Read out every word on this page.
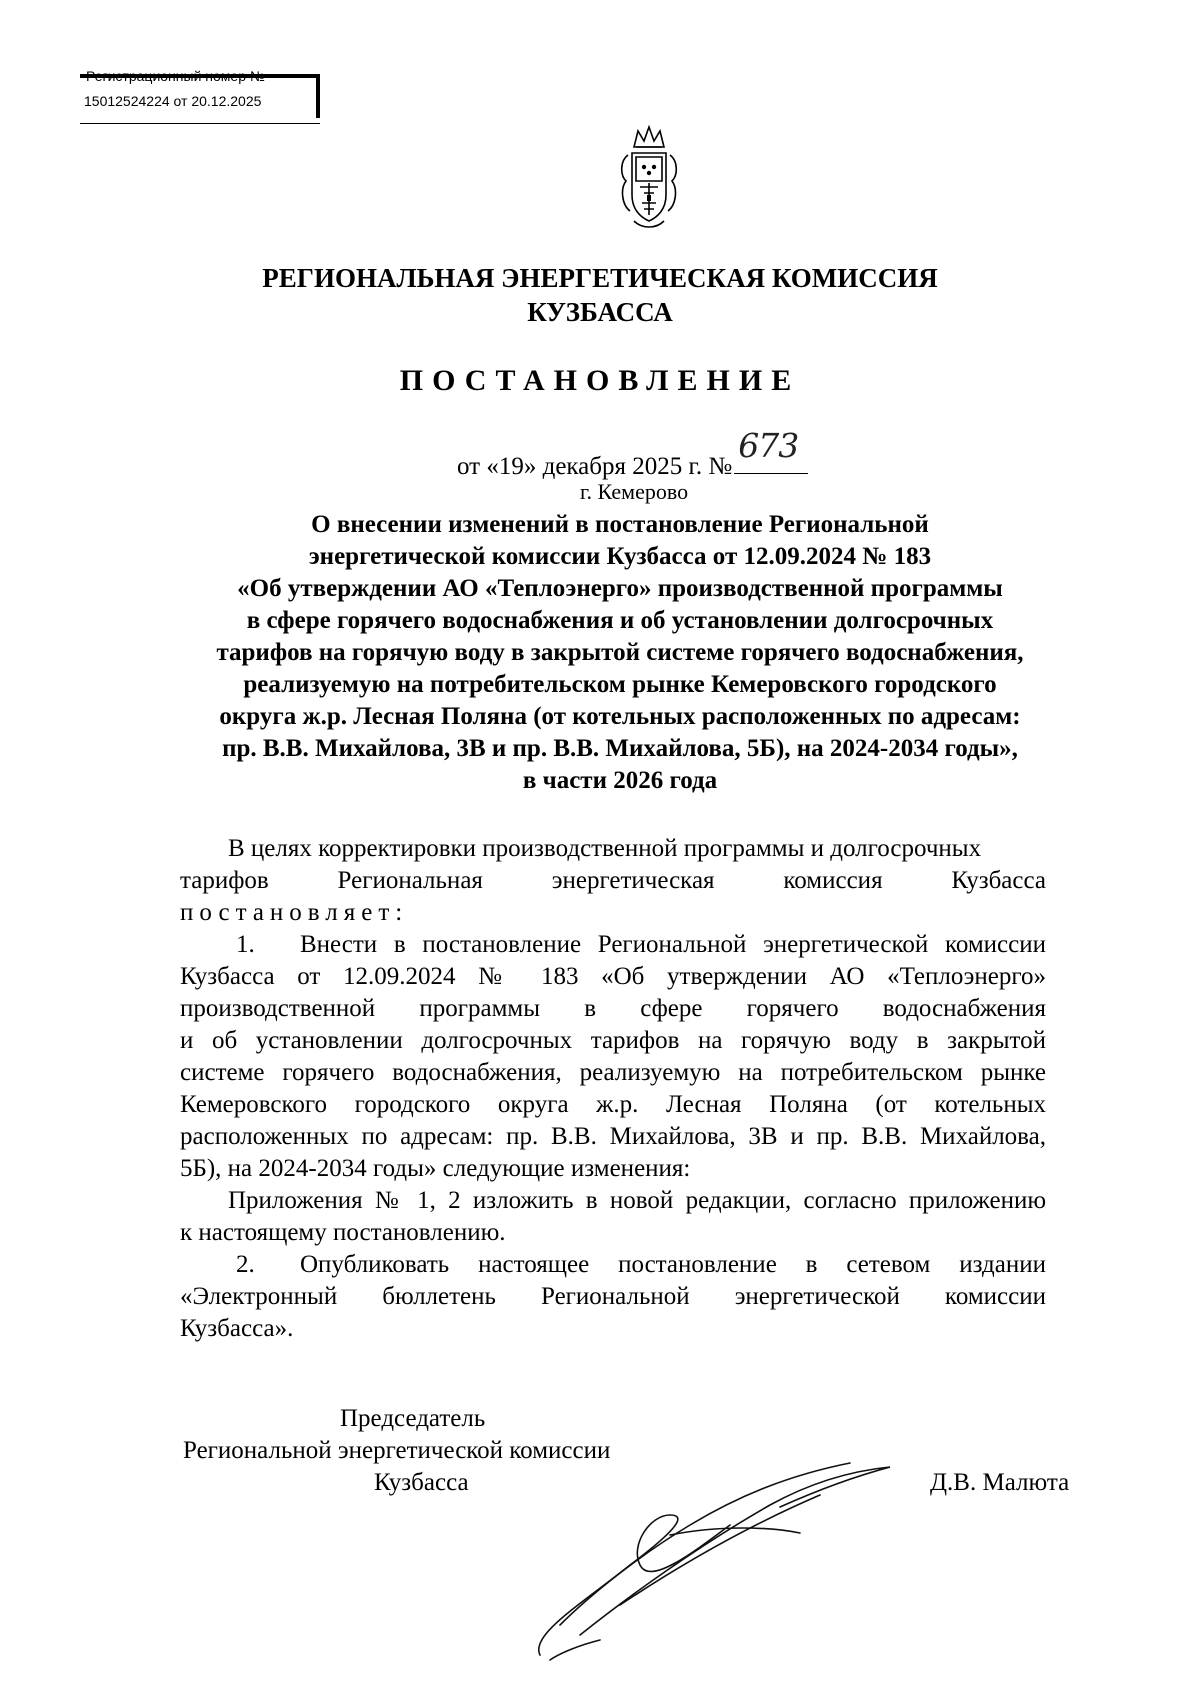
Регистрационный номер №
15012524224 от 20.12.2025
РЕГИОНАЛЬНАЯ ЭНЕРГЕТИЧЕСКАЯ КОМИССИЯ
КУЗБАССА
ПОСТАНОВЛЕНИЕ
от «19» декабря 2025 г. №
673
г. Кемерово
О внесении изменений в постановление Региональной
энергетической комиссии Кузбасса от 12.09.2024 № 183
«Об утверждении АО «Теплоэнерго» производственной программы
в сфере горячего водоснабжения и об установлении долгосрочных
тарифов на горячую воду в закрытой системе горячего водоснабжения,
реализуемую на потребительском рынке Кемеровского городского
округа ж.р. Лесная Поляна (от котельных расположенных по адресам:
пр. В.В. Михайлова, 3В и пр. В.В. Михайлова, 5Б), на 2024-2034 годы»,
в части 2026 года
В целях корректировки производственной программы и долгосрочных
тарифов Региональная энергетическая комиссия Кузбасса
постановляет:
1.	Внести в постановление Региональной энергетической комиссии
Кузбасса от 12.09.2024 № 183 «Об утверждении АО «Теплоэнерго»
производственной программы в сфере горячего водоснабжения
и об установлении долгосрочных тарифов на горячую воду в закрытой
системе горячего водоснабжения, реализуемую на потребительском рынке
Кемеровского городского округа ж.р. Лесная Поляна (от котельных
расположенных по адресам: пр. В.В. Михайлова, 3В и пр. В.В. Михайлова,
5Б), на 2024-2034 годы» следующие изменения:
Приложения № 1, 2 изложить в новой редакции, согласно приложению
к настоящему постановлению.
2.	Опубликовать настоящее постановление в сетевом издании
«Электронный бюллетень Региональной энергетической комиссии
Кузбасса».
Председатель
Региональной энергетической комиссии
Кузбасса	Д.В. Малюта
